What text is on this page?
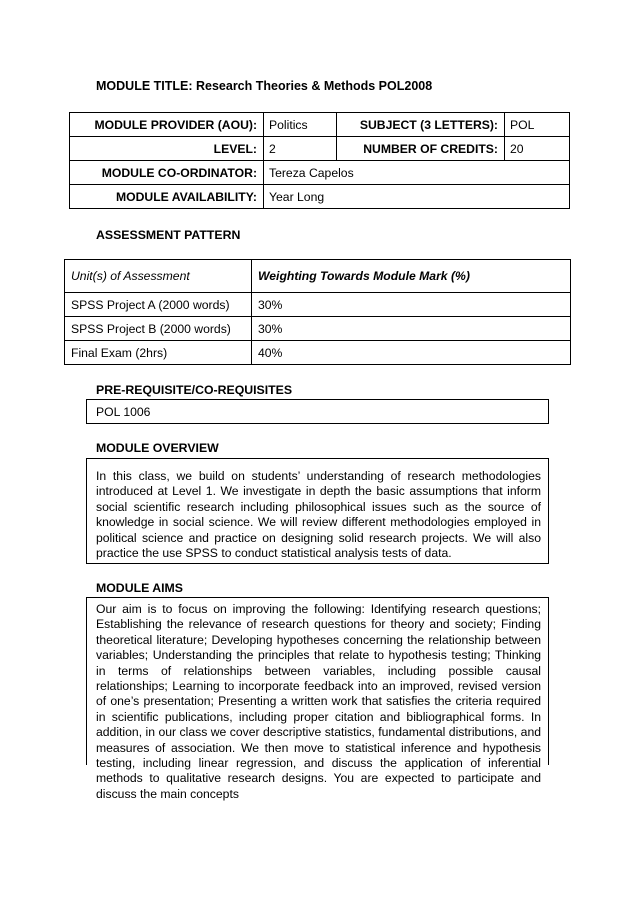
MODULE TITLE: Research Theories & Methods POL2008
MODULE PROVIDER (AOU):	Politics	SUBJECT (3 LETTERS):	POL
LEVEL:	2	NUMBER OF CREDITS:	20
MODULE CO-ORDINATOR:	Tereza Capelos		
MODULE AVAILABILITY:	Year Long		
ASSESSMENT PATTERN
Unit(s) of Assessment	Weighting Towards Module Mark (%)
SPSS Project A (2000 words)	30%
SPSS Project B (2000 words)	30%
Final Exam (2hrs)	40%
PRE-REQUISITE/CO-REQUISITES
POL 1006
MODULE OVERVIEW
In this class, we build on students’ understanding of research methodologies introduced at Level 1. We investigate in depth the basic assumptions that inform social scientific research including philosophical issues such as the source of knowledge in social science. We will review different methodologies employed in political science and practice on designing solid research projects. We will also practice the use SPSS to conduct statistical analysis tests of data.
MODULE AIMS
Our aim is to focus on improving the following: Identifying research questions; Establishing the relevance of research questions for theory and society; Finding theoretical literature; Developing hypotheses concerning the relationship between variables; Understanding the principles that relate to hypothesis testing; Thinking in terms of relationships between variables, including possible causal relationships; Learning to incorporate feedback into an improved, revised version of one’s presentation; Presenting a written work that satisfies the criteria required in scientific publications, including proper citation and bibliographical forms. In addition, in our class we cover descriptive statistics, fundamental distributions, and measures of association. We then move to statistical inference and hypothesis testing, including linear regression, and discuss the application of inferential methods to qualitative research designs. You are expected to participate and discuss the main concepts
